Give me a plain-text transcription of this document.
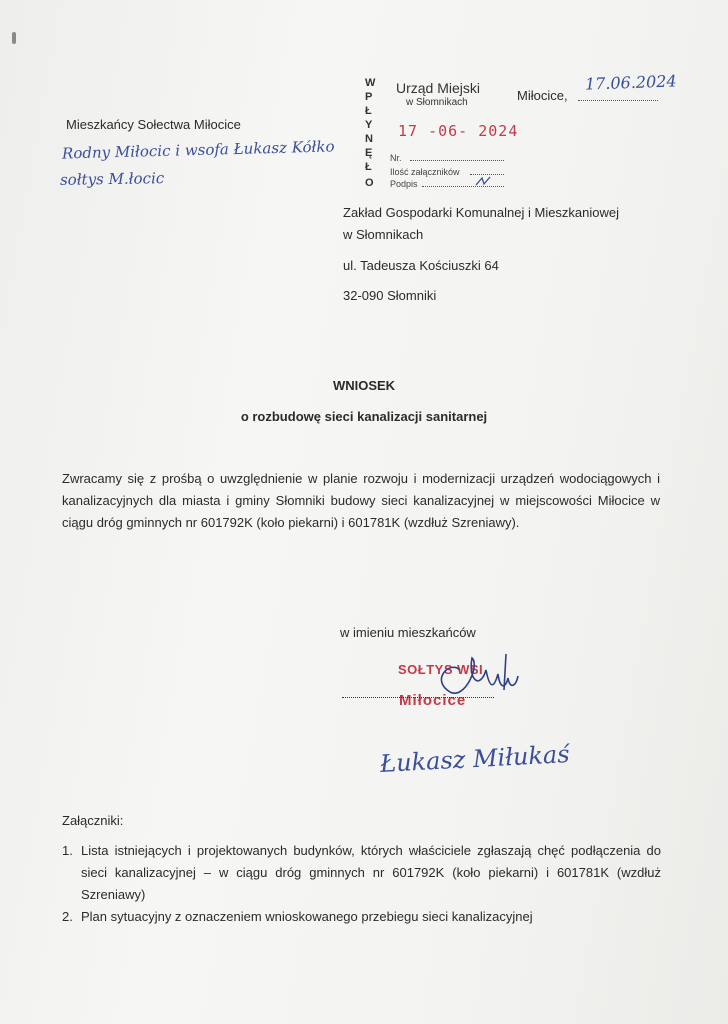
Mieszkańcy Sołectwa Miłocice
Rodny Miłocic i wsofa Łukasz Kółko
sołtys M.łocic
W
P
Ł
Y
N
Ę
Ł
O
Urząd Miejski
w Słomnikach
17 -06- 2024
Nr.
Ilość załączników
Podpis
Miłocice,
17.06.2024
Zakład Gospodarki Komunalnej i Mieszkaniowej
w Słomnikach
ul. Tadeusza Kościuszki 64
32-090 Słomniki
WNIOSEK
o rozbudowę sieci kanalizacji sanitarnej
Zwracamy się z prośbą o uwzględnienie w planie rozwoju i modernizacji urządzeń wodociągowych i kanalizacyjnych dla miasta i gminy Słomniki budowy sieci kanalizacyjnej w miejscowości Miłocice w ciągu dróg gminnych nr 601792K (koło piekarni) i 601781K (wzdłuż Szreniawy).
w imieniu mieszkańców
SOŁTYS WSI
Miłocice
Łukasz Miłukaś
Załączniki:
1. Lista istniejących i projektowanych budynków, których właściciele zgłaszają chęć podłączenia do sieci kanalizacyjnej – w ciągu dróg gminnych nr 601792K (koło piekarni) i 601781K (wzdłuż Szreniawy)
2. Plan sytuacyjny z oznaczeniem wnioskowanego przebiegu sieci kanalizacyjnej
